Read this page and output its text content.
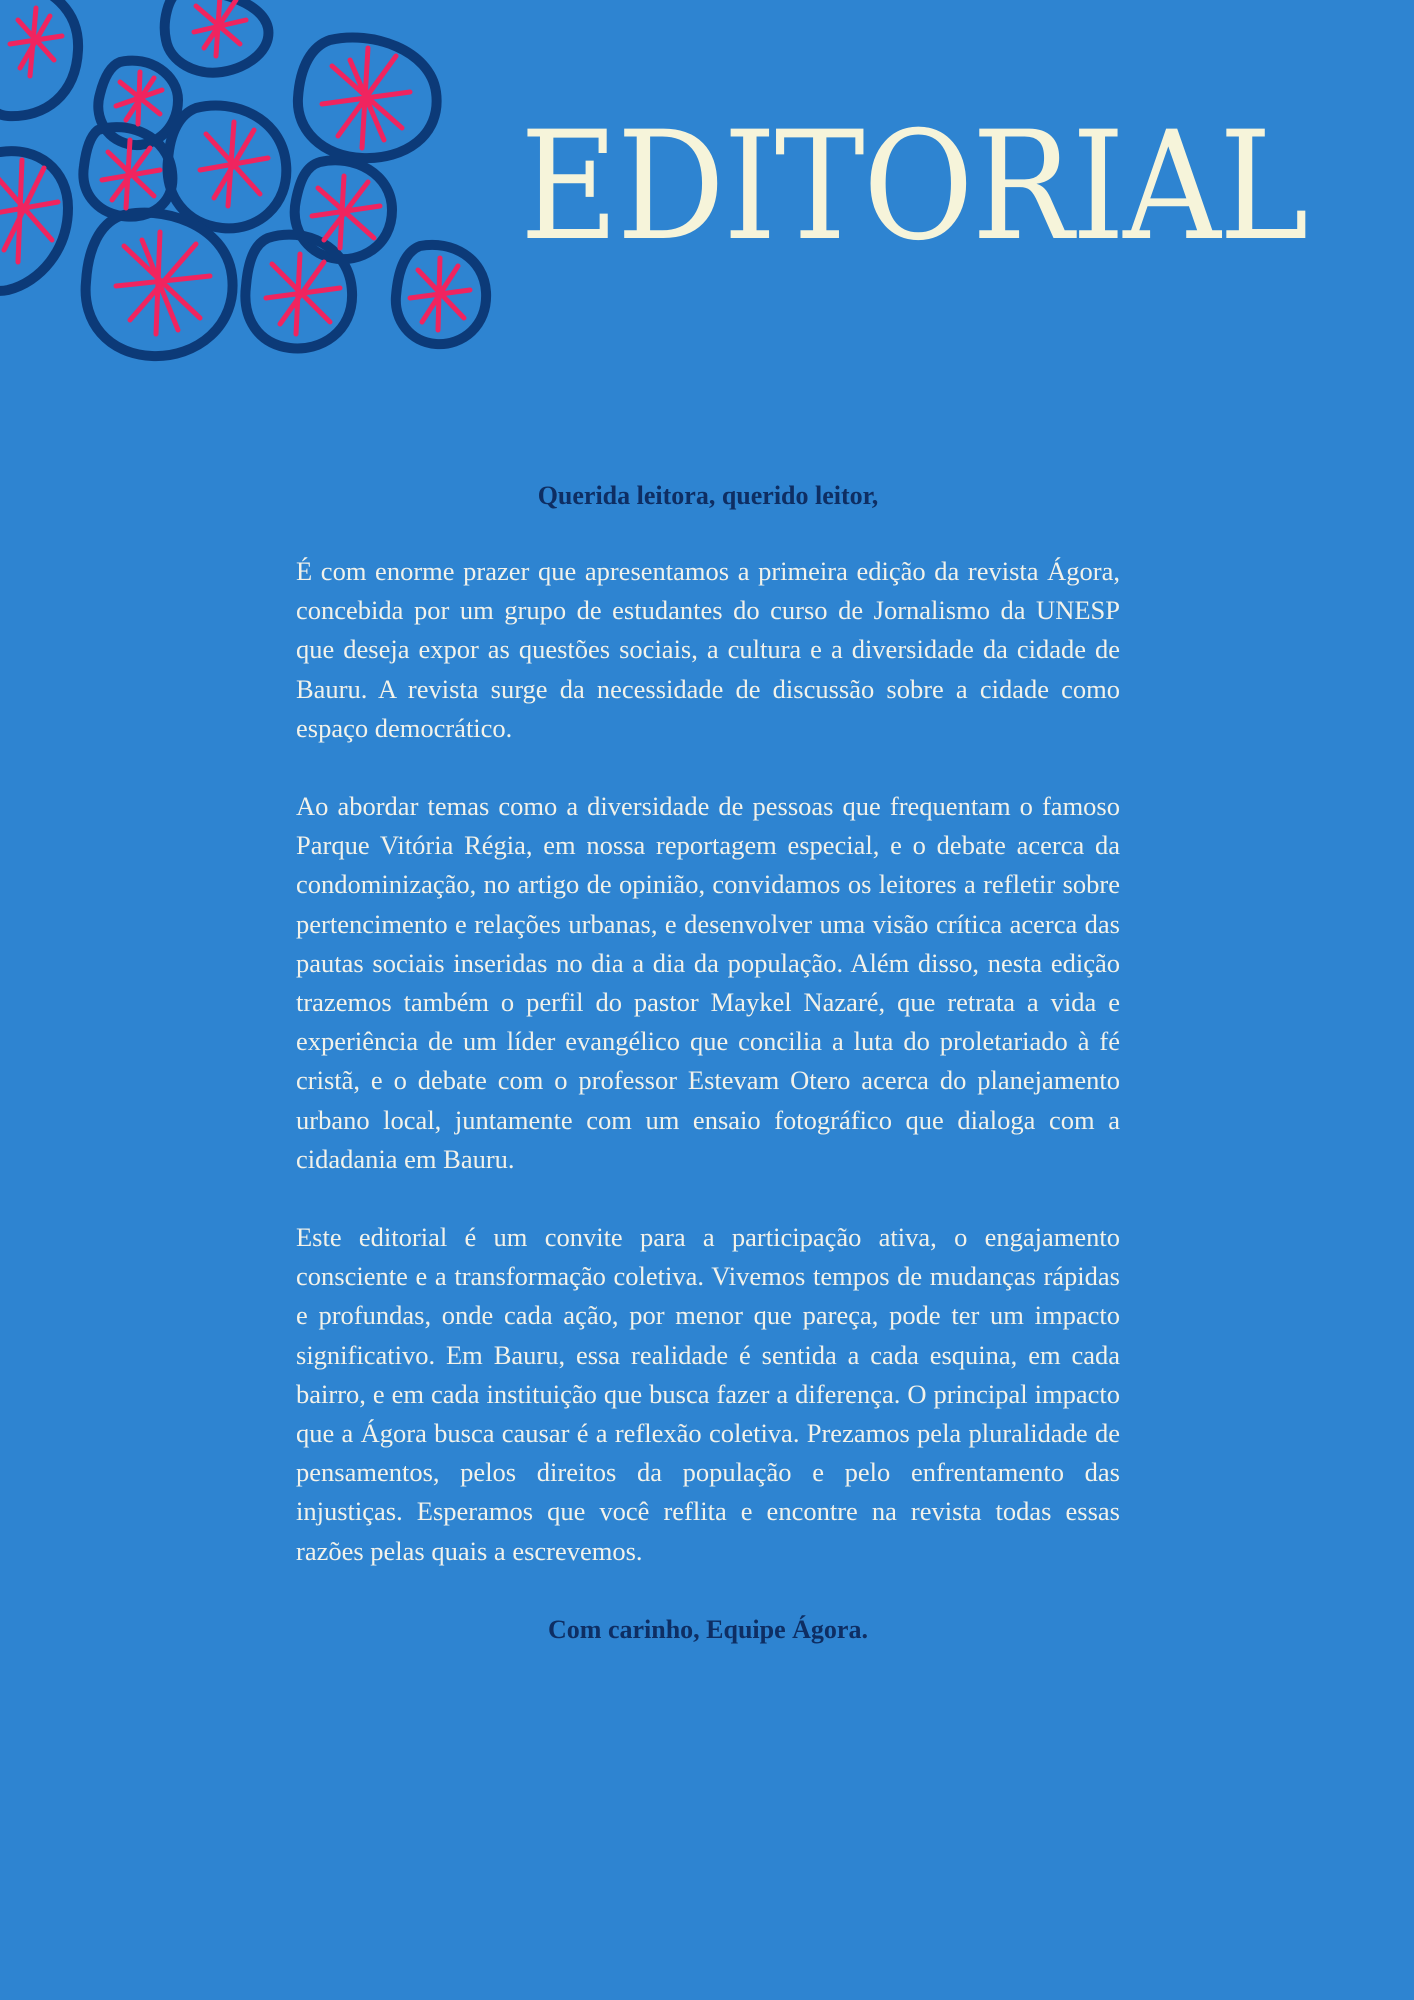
EDITORIAL

Querida leitora, querido leitor,

É com enorme prazer que apresentamos a primeira edição da revista Ágora, concebida por um grupo de estudantes do curso de Jornalismo da UNESP que deseja expor as questões sociais, a cultura e a diversidade da cidade de Bauru. A revista surge da necessidade de discussão sobre a cidade como espaço democrático.

Ao abordar temas como a diversidade de pessoas que frequentam o famoso Parque Vitória Régia, em nossa reportagem especial, e o debate acerca da condominização, no artigo de opinião, convidamos os leitores a refletir sobre pertencimento e relações urbanas, e desenvolver uma visão crítica acerca das pautas sociais inseridas no dia a dia da população. Além disso, nesta edição trazemos também o perfil do pastor Maykel Nazaré, que retrata a vida e experiência de um líder evangélico que concilia a luta do proletariado à fé cristã, e o debate com o professor Estevam Otero acerca do planejamento urbano local, juntamente com um ensaio fotográfico que dialoga com a cidadania em Bauru.

Este editorial é um convite para a participação ativa, o engajamento consciente e a transformação coletiva. Vivemos tempos de mudanças rápidas e profundas, onde cada ação, por menor que pareça, pode ter um impacto significativo. Em Bauru, essa realidade é sentida a cada esquina, em cada bairro, e em cada instituição que busca fazer a diferença. O principal impacto que a Ágora busca causar é a reflexão coletiva. Prezamos pela pluralidade de pensamentos, pelos direitos da população e pelo enfrentamento das injustiças. Esperamos que você reflita e encontre na revista todas essas razões pelas quais a escrevemos.

Com carinho, Equipe Ágora.
